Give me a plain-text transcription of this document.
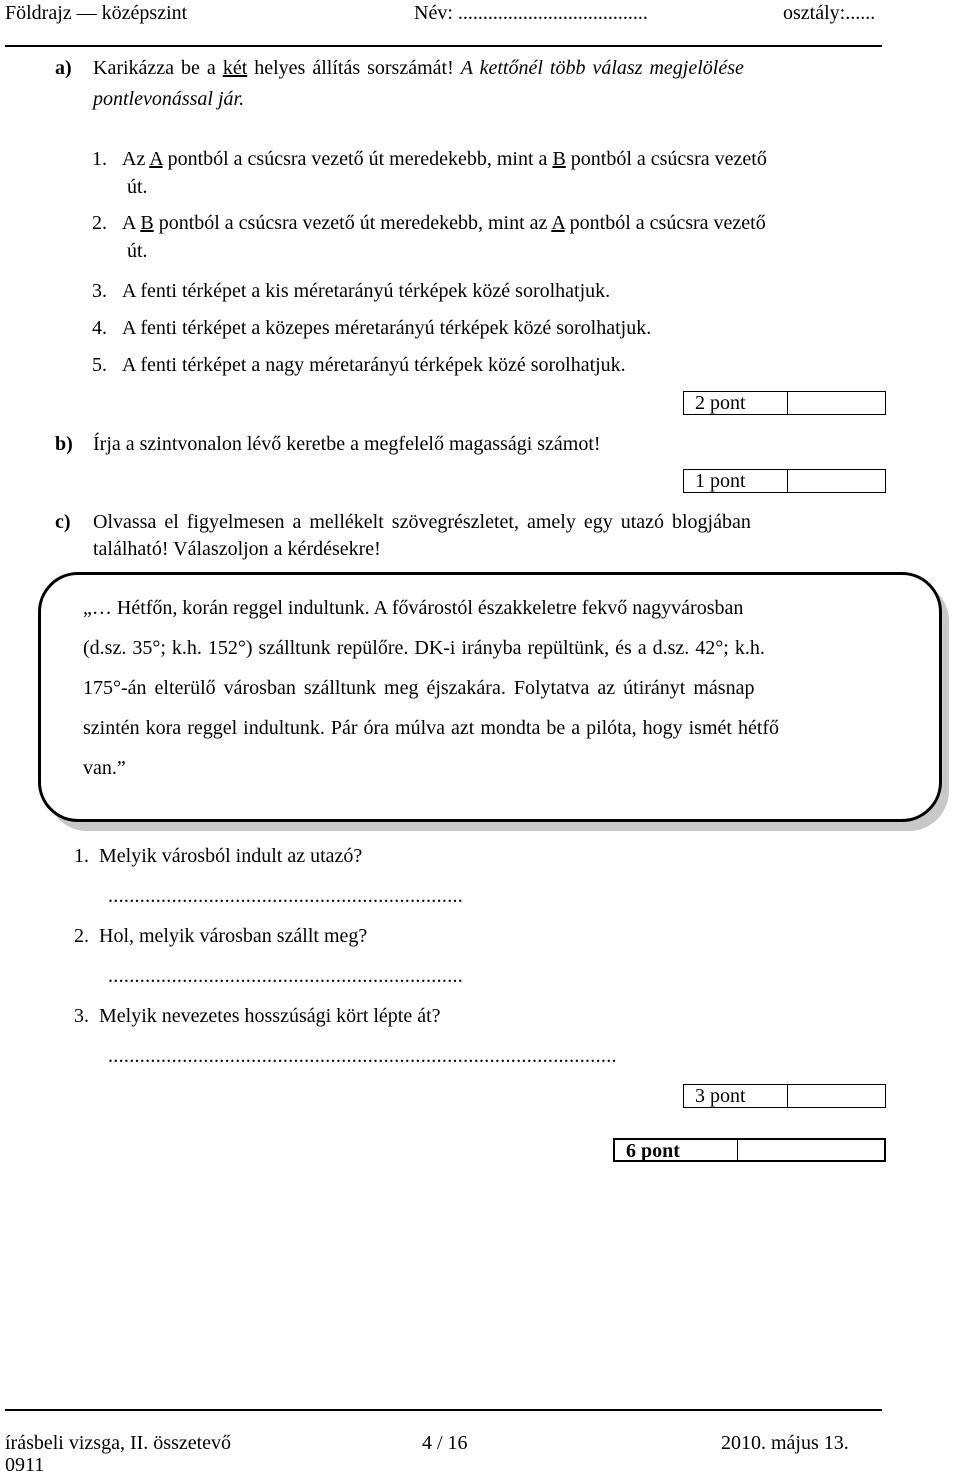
Földrajz — középszint	Név: ......................................	osztály:......
a) Karikázza be a két helyes állítás sorszámát! A kettőnél több válasz megjelölése
pontlevonással jár.
1. Az A pontból a csúcsra vezető út meredekebb, mint a B pontból a csúcsra vezető
út.
2. A B pontból a csúcsra vezető út meredekebb, mint az A pontból a csúcsra vezető
út.
3. A fenti térképet a kis méretarányú térképek közé sorolhatjuk.
4. A fenti térképet a közepes méretarányú térképek közé sorolhatjuk.
5. A fenti térképet a nagy méretarányú térképek közé sorolhatjuk.
2 pont
b) Írja a szintvonalon lévő keretbe a megfelelő magassági számot!
1 pont
c) Olvassa el figyelmesen a mellékelt szövegrészletet, amely egy utazó blogjában
található! Válaszoljon a kérdésekre!
„… Hétfőn, korán reggel indultunk. A fővárostól északkeletre fekvő nagyvárosban
(d.sz. 35°; k.h. 152°) szálltunk repülőre. DK-i irányba repültünk, és a d.sz. 42°; k.h.
175°-án elterülő városban szálltunk meg éjszakára. Folytatva az útirányt másnap
szintén kora reggel indultunk. Pár óra múlva azt mondta be a pilóta, hogy ismét hétfő
van.”
1. Melyik városból indult az utazó?
...................................................................
2. Hol, melyik városban szállt meg?
...................................................................
3. Melyik nevezetes hosszúsági kört lépte át?
................................................................................................
3 pont
6 pont
írásbeli vizsga, II. összetevő
0911
4 / 16	2010. május 13.
